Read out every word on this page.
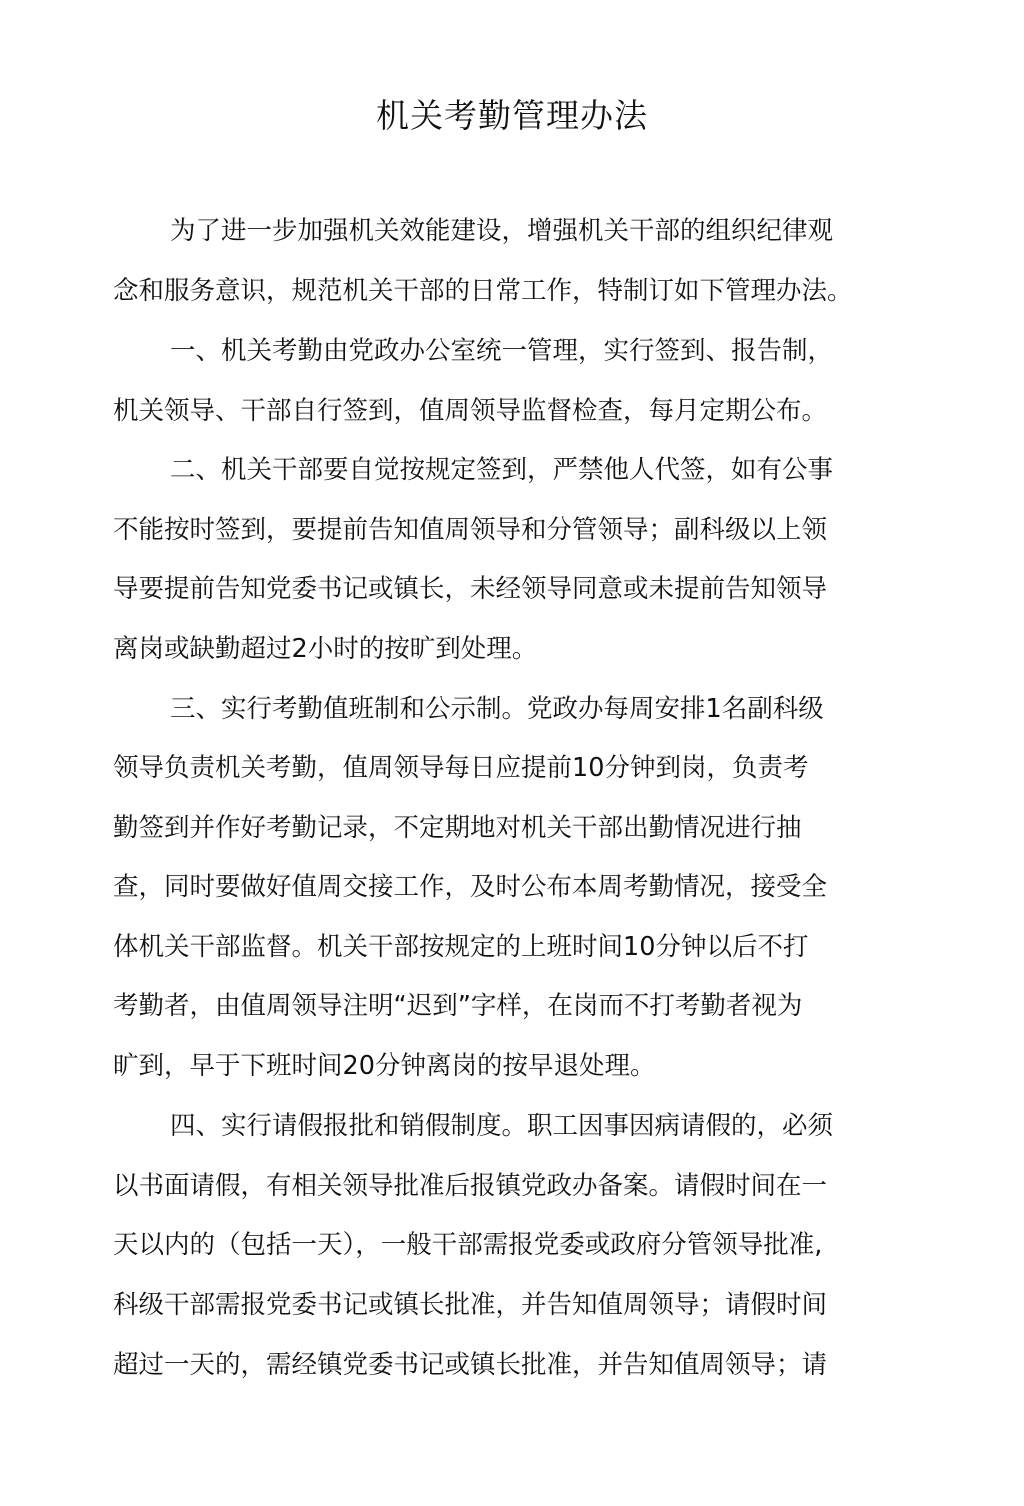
机关考勤管理办法

为了进一步加强机关效能建设，增强机关干部的组织纪律观

念和服务意识，规范机关干部的日常工作，特制订如下管理办法。

一、机关考勤由党政办公室统一管理，实行签到、报告制，

机关领导、干部自行签到，值周领导监督检查，每月定期公布。

二、机关干部要自觉按规定签到，严禁他人代签，如有公事

不能按时签到，要提前告知值周领导和分管领导；副科级以上领

导要提前告知党委书记或镇长，未经领导同意或未提前告知领导

离岗或缺勤超过2小时的按旷到处理。

三、实行考勤值班制和公示制。党政办每周安排1名副科级

领导负责机关考勤，值周领导每日应提前10分钟到岗，负责考

勤签到并作好考勤记录，不定期地对机关干部出勤情况进行抽

查，同时要做好值周交接工作，及时公布本周考勤情况，接受全

体机关干部监督。机关干部按规定的上班时间10分钟以后不打

考勤者，由值周领导注明“迟到”字样，在岗而不打考勤者视为

旷到，早于下班时间20分钟离岗的按早退处理。

四、实行请假报批和销假制度。职工因事因病请假的，必须

以书面请假，有相关领导批准后报镇党政办备案。请假时间在一

天以内的（包括一天），一般干部需报党委或政府分管领导批准,

科级干部需报党委书记或镇长批准，并告知值周领导；请假时间

超过一天的，需经镇党委书记或镇长批准，并告知值周领导；请
